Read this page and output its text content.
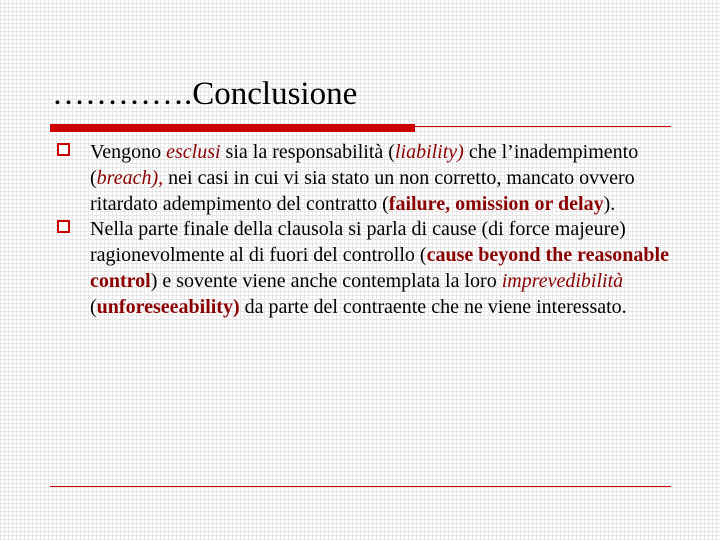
………….Conclusione
Vengono esclusi sia la responsabilità (liability) che l’inadempimento (breach), nei casi in cui vi sia stato un non corretto, mancato ovvero ritardato adempimento del contratto (failure, omission or delay).
Nella parte finale della clausola si parla di cause (di force majeure) ragionevolmente al di fuori del controllo (cause beyond the reasonable control) e sovente viene anche contemplata la loro imprevedibilità (unforeseeability) da parte del contraente che ne viene interessato.
